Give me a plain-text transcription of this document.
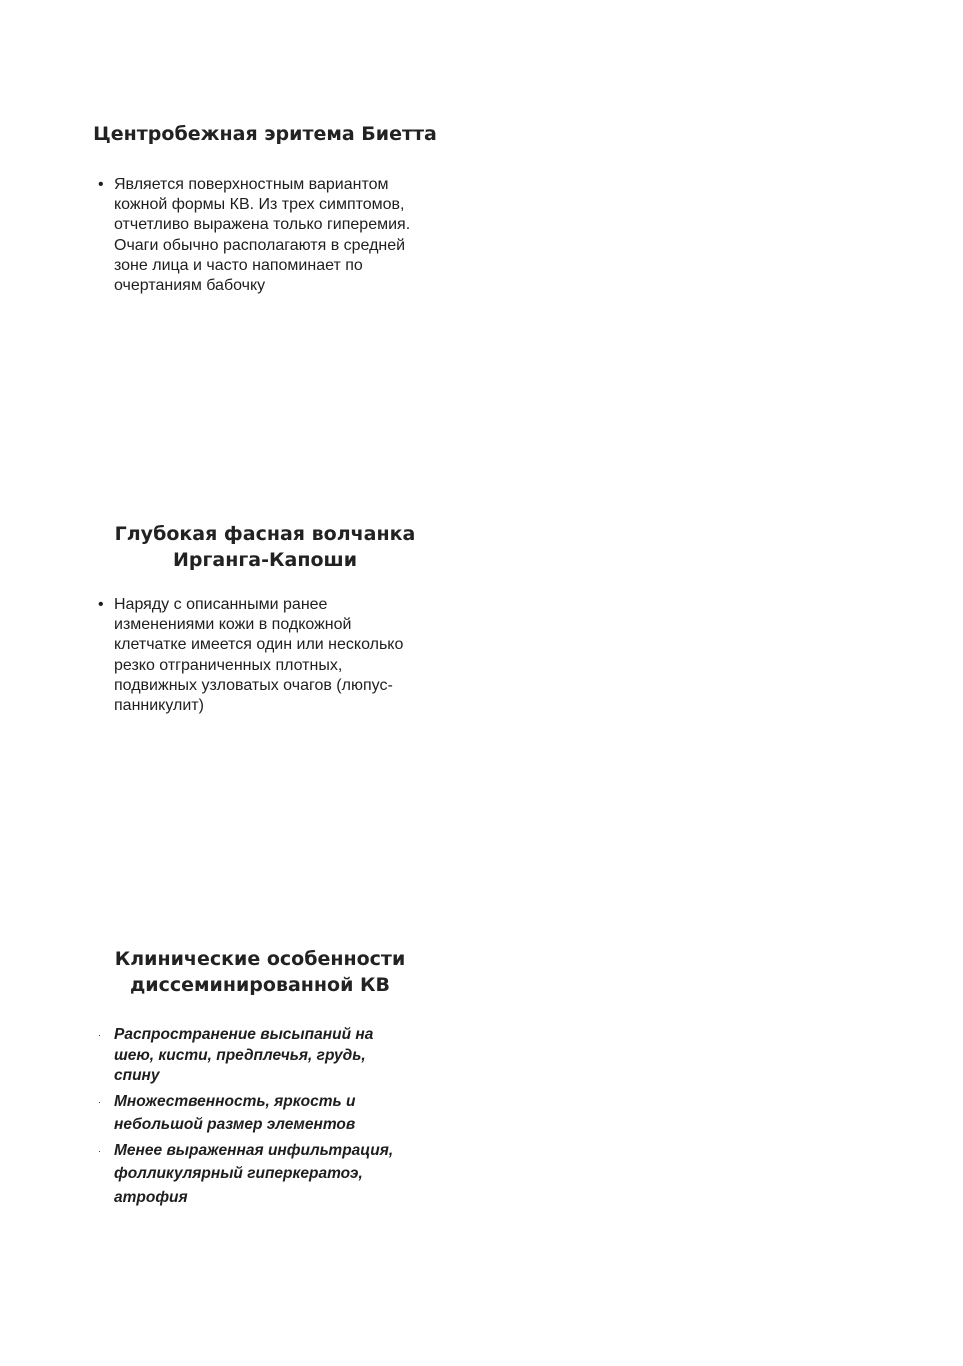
Центробежная эритема Биетта
• Является поверхностным вариантом
кожной формы КВ. Из трех симптомов,
отчетливо выражена только гиперемия.
Очаги обычно располагаютя в средней
зоне лица и часто напоминает по
очертаниям бабочку
Глубокая фасная волчанка
Ирганга-Капоши
• Наряду с описанными ранее
изменениями кожи в подкожной
клетчатке имеется один или несколько
резко отграниченных плотных,
подвижных узловатых очагов (люпус-
панникулит)
Клинические особенности
диссеминированной КВ
· Распространение высыпаний на
шею, кисти, предплечья, грудь,
спину
· Множественность, яркость и
небольшой размер элементов
· Менее выраженная инфильтрация,
фолликулярный гиперкератоэ,
атрофия
